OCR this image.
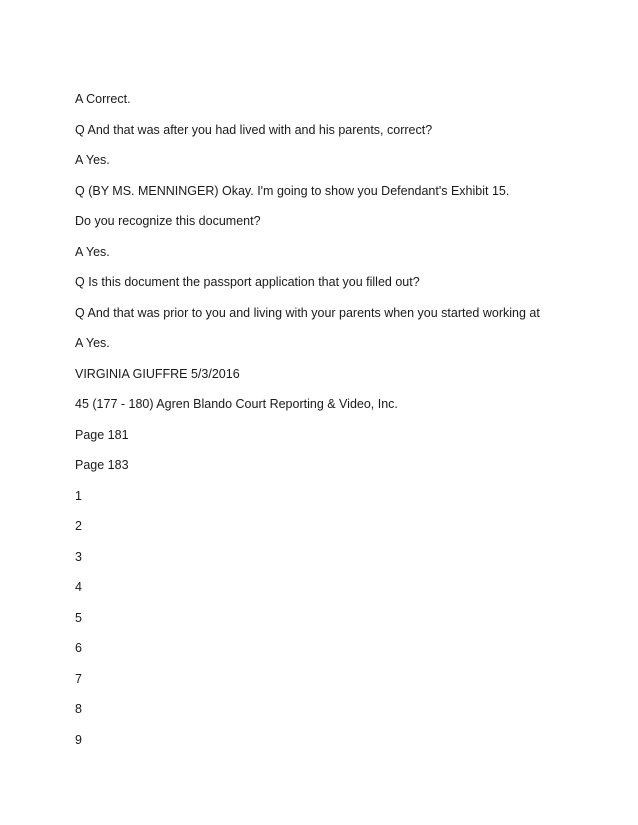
A Correct.
Q And that was after you had lived with and his parents, correct?
A Yes.
Q (BY MS. MENNINGER) Okay. I'm going to show you Defendant's Exhibit 15.
Do you recognize this document?
A Yes.
Q Is this document the passport application that you filled out?
Q And that was prior to you and living with your parents when you started working at
A Yes.
VIRGINIA GIUFFRE 5/3/2016
45 (177 - 180) Agren Blando Court Reporting & Video, Inc.
Page 181
Page 183
1
2
3
4
5
6
7
8
9
